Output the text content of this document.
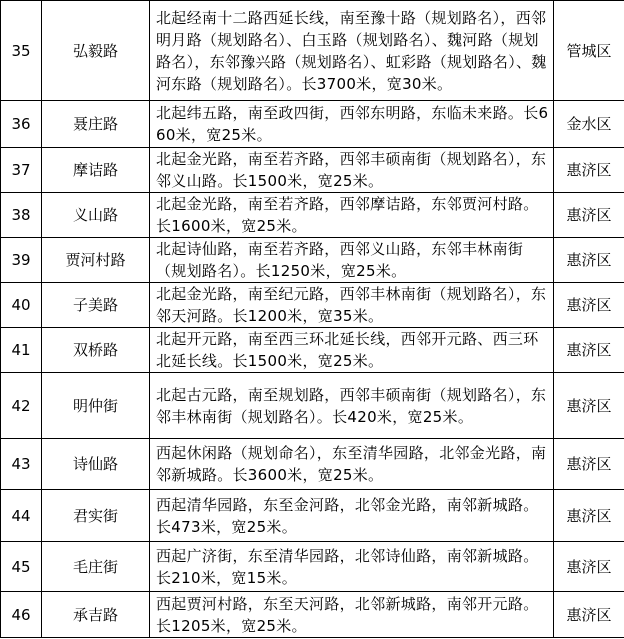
35	弘毅路	北起经南十二路西延长线，南至豫十路（规划路名），西邻明月路（规划路名）、白玉路（规划路名）、魏河路（规划路名），东邻豫兴路（规划路名）、虹彩路（规划路名）、魏河东路（规划路名）。长3700米，宽30米。	管城区
36	聂庄路	北起纬五路，南至政四街，西邻东明路，东临未来路。长660米，宽25米。	金水区
37	摩诘路	北起金光路，南至若齐路，西邻丰硕南街（规划路名），东邻义山路。长1500米，宽25米。	惠济区
38	义山路	北起金光路，南至若齐路，西邻摩诘路，东邻贾河村路。长1600米，宽25米。	惠济区
39	贾河村路	北起诗仙路，南至若齐路，西邻义山路，东邻丰林南街（规划路名）。长1250米，宽25米。	惠济区
40	子美路	北起金光路，南至纪元路，西邻丰林南街（规划路名），东邻天河路。长1200米，宽35米。	惠济区
41	双桥路	北起开元路，南至西三环北延长线，西邻开元路、西三环北延长线。长1500米，宽25米。	惠济区
42	明仲街	北起古元路，南至规划路，西邻丰硕南街（规划路名），东邻丰林南街（规划路名）。长420米，宽25米。	惠济区
43	诗仙路	西起休闲路（规划命名），东至清华园路，北邻金光路，南邻新城路。长3600米，宽25米。	惠济区
44	君实街	西起清华园路，东至金河路，北邻金光路，南邻新城路。长473米，宽25米。	惠济区
45	毛庄街	西起广济街，东至清华园路，北邻诗仙路，南邻新城路。长210米，宽15米。	惠济区
46	承吉路	西起贾河村路，东至天河路，北邻新城路，南邻开元路。长1205米，宽25米。	惠济区
